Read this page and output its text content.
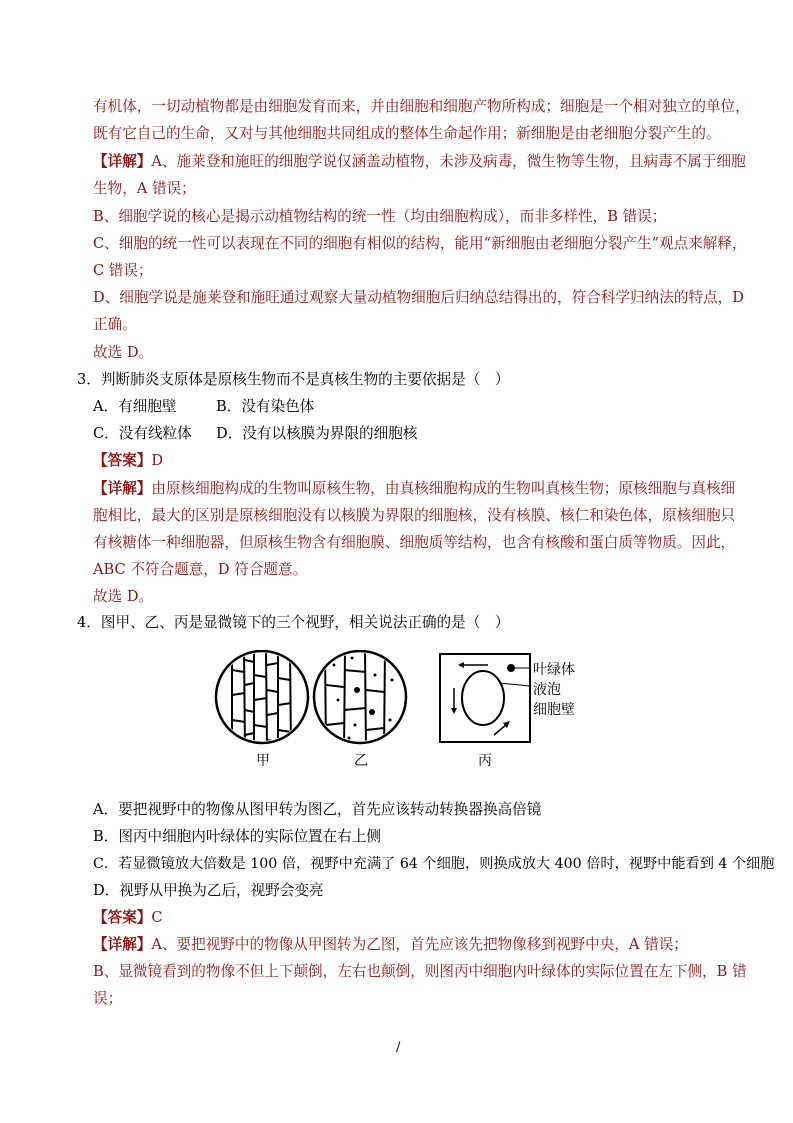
有机体，一切动植物都是由细胞发育而来，并由细胞和细胞产物所构成；细胞是一个相对独立的单位，
既有它自己的生命，又对与其他细胞共同组成的整体生命起作用；新细胞是由老细胞分裂产生的。
【详解】A、施莱登和施旺的细胞学说仅涵盖动植物，未涉及病毒，微生物等生物，且病毒不属于细胞
生物，A 错误；
B、细胞学说的核心是揭示动植物结构的统一性（均由细胞构成），而非多样性，B 错误；
C、细胞的统一性可以表现在不同的细胞有相似的结构，能用“新细胞由老细胞分裂产生”观点来解释，
C 错误；
D、细胞学说是施莱登和施旺通过观察大量动植物细胞后归纳总结得出的，符合科学归纳法的特点，D
正确。
故选 D。
3．判断肺炎支原体是原核生物而不是真核生物的主要依据是（　）
A．有细胞壁	B．没有染色体
C．没有线粒体 D．没有以核膜为界限的细胞核
【答案】D
【详解】由原核细胞构成的生物叫原核生物，由真核细胞构成的生物叫真核生物；原核细胞与真核细
胞相比，最大的区别是原核细胞没有以核膜为界限的细胞核，没有核膜、核仁和染色体，原核细胞只
有核糖体一种细胞器，但原核生物含有细胞膜、细胞质等结构，也含有核酸和蛋白质等物质。因此，
ABC 不符合题意，D 符合题意。
故选 D。
4．图甲、乙、丙是显微镜下的三个视野，相关说法正确的是（　）
甲	乙	丙
叶绿体
液泡
细胞壁
A．要把视野中的物像从图甲转为图乙，首先应该转动转换器换高倍镜
B．图丙中细胞内叶绿体的实际位置在右上侧
C．若显微镜放大倍数是 100 倍，视野中充满了 64 个细胞，则换成放大 400 倍时，视野中能看到 4 个细胞
D．视野从甲换为乙后，视野会变亮
【答案】C
【详解】A、要把视野中的物像从甲图转为乙图，首先应该先把物像移到视野中央，A 错误；
B、显微镜看到的物像不但上下颠倒，左右也颠倒，则图丙中细胞内叶绿体的实际位置在左下侧，B 错
误；
/
